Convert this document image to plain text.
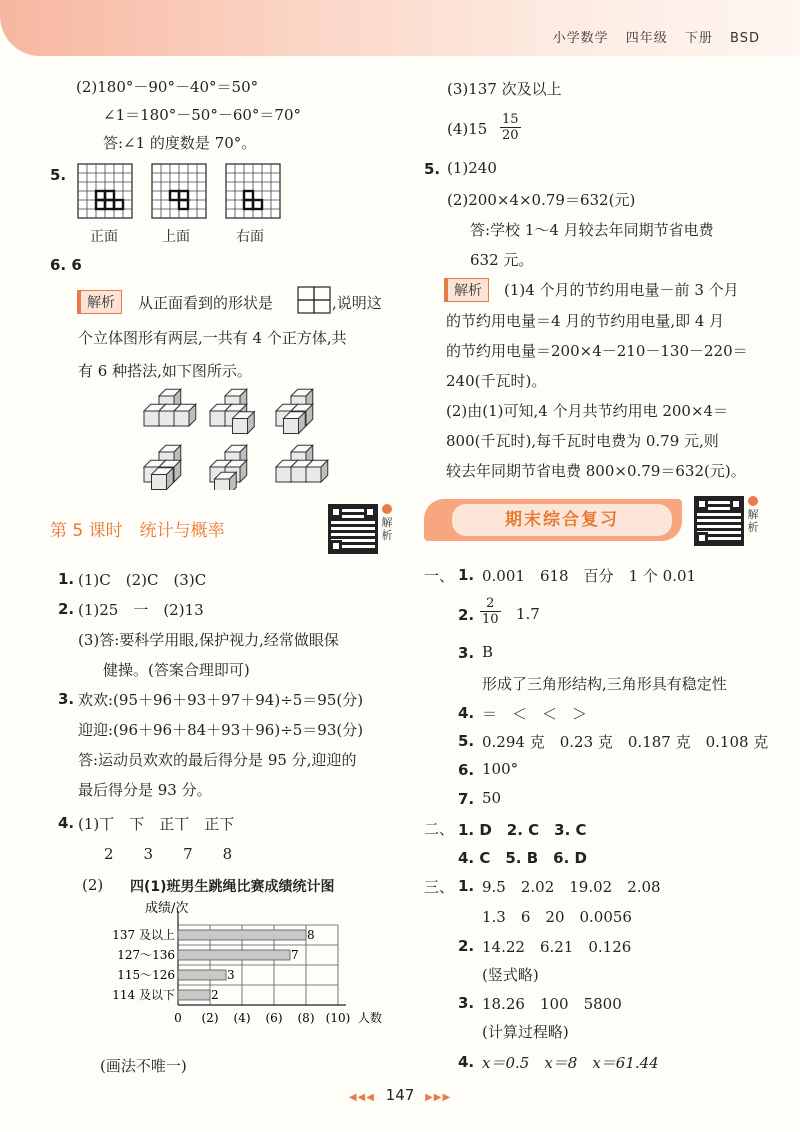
小学数学 四年级 下册 BSD
(2)180°－90°－40°＝50°
∠1＝180°－50°－60°＝70°
答:∠1 的度数是 70°。
5.
正面	上面	右面
6. 6
解析	从正面看到的形状是	,说明这
个立体图形有两层,一共有 4 个正方体,共
有 6 种搭法,如下图所示。
第 5 课时　统计与概率	解析
1. (1)C　(2)C　(3)C
2. (1)25　一　(2)13
(3)答:要科学用眼,保护视力,经常做眼保
健操。(答案合理即可)
3. 欢欢:(95＋96＋93＋97＋94)÷5＝95(分)
迎迎:(96＋96＋84＋93＋96)÷5＝93(分)
答:运动员欢欢的最后得分是 95 分,迎迎的
最后得分是 93 分。
4. (1)丅　下　正丅　正下
2　　3　　7　　8
(2) 四(1)班男生跳绳比赛成绩统计图
成绩/次
137 及以上	8
127～136	7
115～126	3
114 及以下	2
0 (2) (4) (6) (8) (10) 人数
(画法不唯一)
(3)137 次及以上
$(4)15 \frac{15}{20}$
5. (1)240
(2)200×4×0.79＝632(元)
答:学校 1～4 月较去年同期节省电费
632 元。
解析	(1)4 个月的节约用电量－前 3 个月
的节约用电量＝4 月的节约用电量,即 4 月
的节约用电量＝200×4－210－130－220＝
240(千瓦时)。
(2)由(1)可知,4 个月共节约用电 200×4＝
800(千瓦时),每千瓦时电费为 0.79 元,则
较去年同期节省电费 800×0.79＝632(元)。
期末综合复习	解析
一、 1. 0.001　618　百分　1 个 0.01
2. $\frac{2}{10} 1.7$
3. B
形成了三角形结构,三角形具有稳定性
4. ＝　＜　＜　＞
5. 0.294 克　0.23 克　0.187 克　0.108 克
6. 100°
7. 50
二、 1. D　2. C　3. C
4. C　5. B　6. D
三、 1. 9.5　2.02　19.02　2.08
1.3　6　20　0.0056
2. 14.22　6.21　0.126
(竖式略)
3. 18.26　100　5800
(计算过程略)
4. x＝0.5　x＝8　x＝61.44
◀◀◀ 147 ▶▶▶
